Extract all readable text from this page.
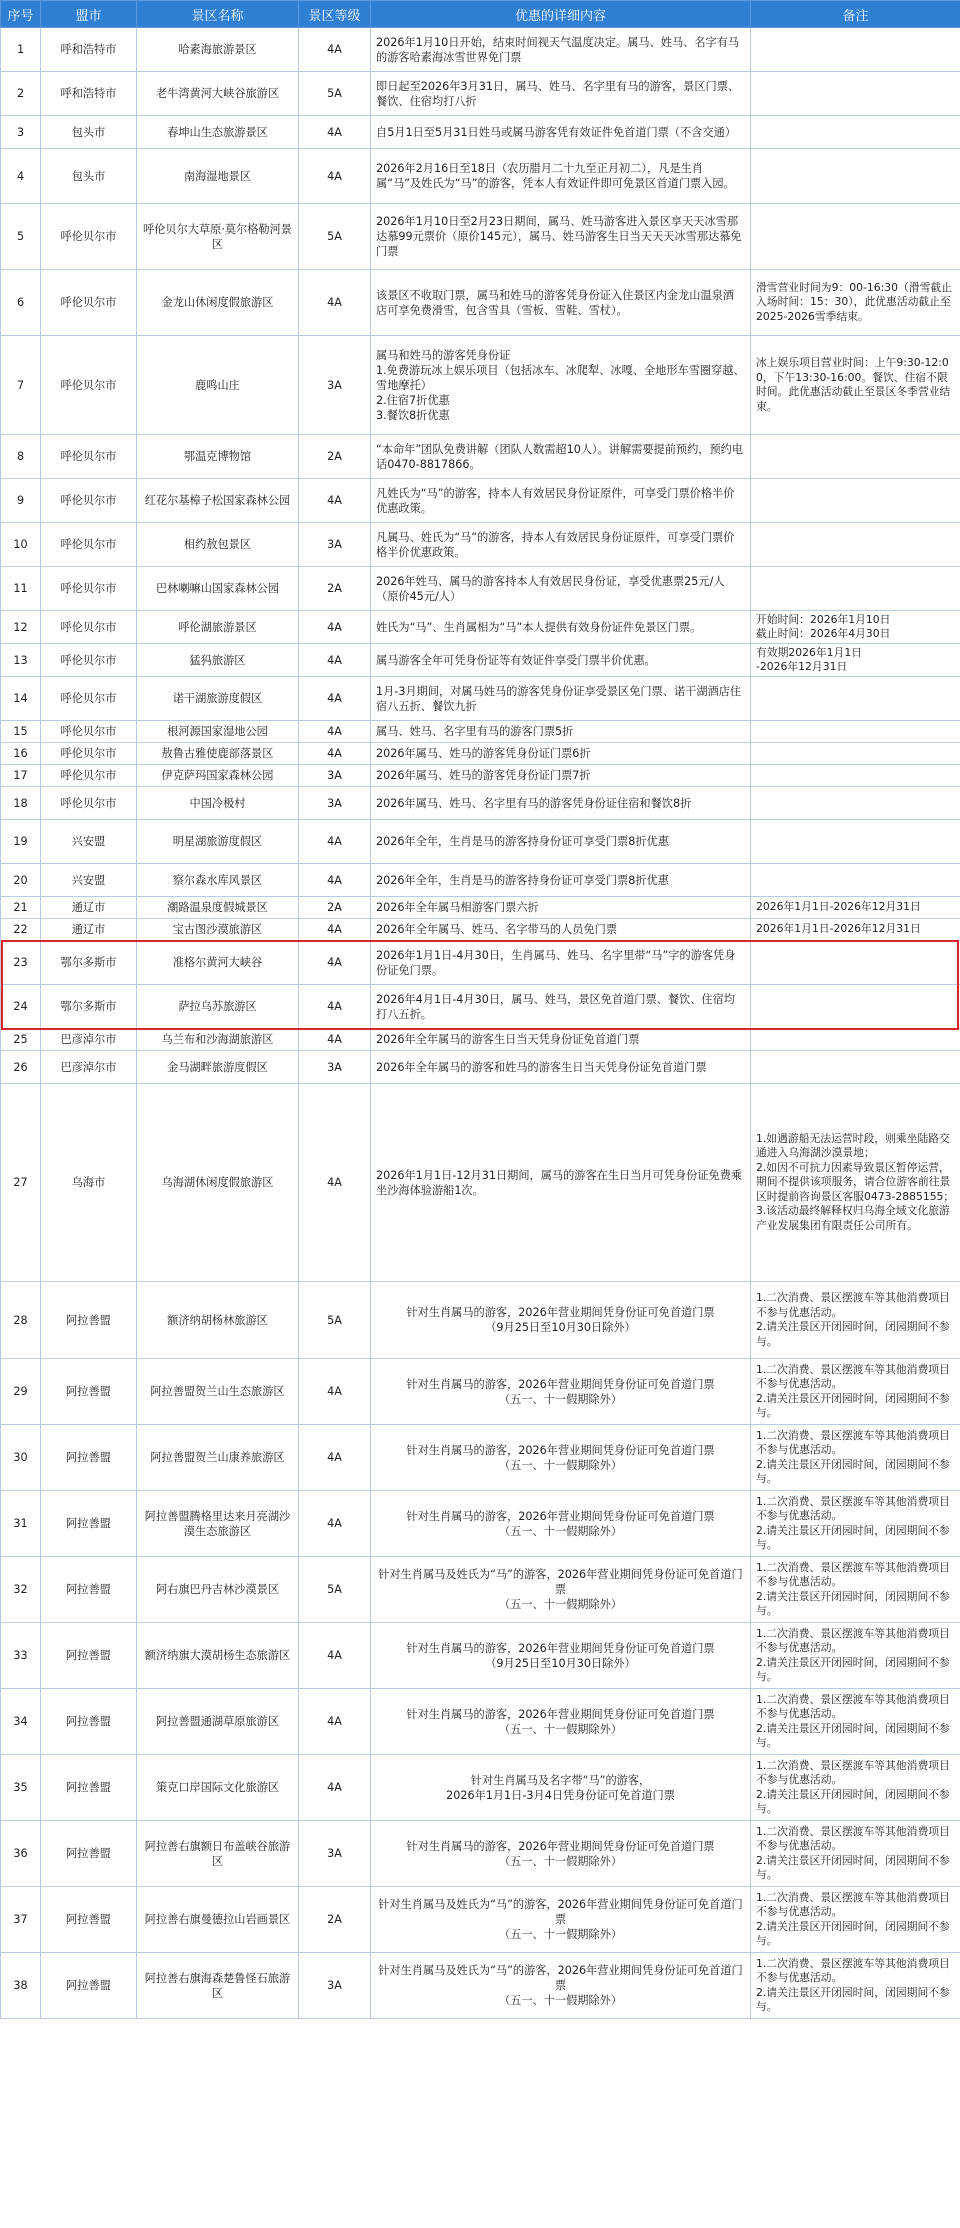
序号	盟市	景区名称	景区等级	优惠的详细内容	备注
1	呼和浩特市	哈素海旅游景区	4A	2026年1月10日开始，结束时间视天气温度决定。属马、姓马、名字有马的游客哈素海冰雪世界免门票	
2	呼和浩特市	老牛湾黄河大峡谷旅游区	5A	即日起至2026年3月31日，属马、姓马、名字里有马的游客，景区门票、餐饮、住宿均打八折	
3	包头市	春坤山生态旅游景区	4A	自5月1日至5月31日姓马或属马游客凭有效证件免首道门票（不含交通）	
4	包头市	南海湿地景区	4A	2026年2月16日至18日（农历腊月二十九至正月初二），凡是生肖属“马”及姓氏为“马”的游客，凭本人有效证件即可免景区首道门票入园。	
5	呼伦贝尔市	呼伦贝尔大草原·莫尔格勒河景区	5A	2026年1月10日至2月23日期间，属马、姓马游客进入景区享天天冰雪那达慕99元票价（原价145元），属马、姓马游客生日当天天天冰雪那达慕免门票	
6	呼伦贝尔市	金龙山休闲度假旅游区	4A	该景区不收取门票，属马和姓马的游客凭身份证入住景区内金龙山温泉酒店可享免费滑雪，包含雪具（雪板、雪鞋、雪杖）。	滑雪营业时间为9：00-16:30（滑雪截止入场时间：15：30），此优惠活动截止至2025-2026雪季结束。
7	呼伦贝尔市	鹿鸣山庄	3A	属马和姓马的游客凭身份证
1.免费游玩冰上娱乐项目（包括冰车、冰爬犁、冰嘎、全地形车雪圈穿越、雪地摩托）
2.住宿7折优惠
3.餐饮8折优惠	冰上娱乐项目营业时间：上午9:30-12:00，下午13:30-16:00。餐饮、住宿不限时间。此优惠活动截止至景区冬季营业结束。
8	呼伦贝尔市	鄂温克博物馆	2A	“本命年”团队免费讲解（团队人数需超10人）。讲解需要提前预约，预约电话0470-8817866。	
9	呼伦贝尔市	红花尔基樟子松国家森林公园	4A	凡姓氏为“马”的游客，持本人有效居民身份证原件，可享受门票价格半价优惠政策。	
10	呼伦贝尔市	相约敖包景区	3A	凡属马、姓氏为“马”的游客，持本人有效居民身份证原件，可享受门票价格半价优惠政策。	
11	呼伦贝尔市	巴林喇嘛山国家森林公园	2A	2026年姓马、属马的游客持本人有效居民身份证，享受优惠票25元/人（原价45元/人）	
12	呼伦贝尔市	呼伦湖旅游景区	4A	姓氏为“马”、生肖属相为“马”本人提供有效身份证件免景区门票。	开始时间：2026年1月10日
截止时间：2026年4月30日
13	呼伦贝尔市	猛犸旅游区	4A	属马游客全年可凭身份证等有效证件享受门票半价优惠。	有效期2026年1月1日
-2026年12月31日
14	呼伦贝尔市	诺干湖旅游度假区	4A	1月-3月期间，对属马姓马的游客凭身份证享受景区免门票、诺干湖酒店住宿八五折、餐饮九折	
15	呼伦贝尔市	根河源国家湿地公园	4A	属马、姓马、名字里有马的游客门票5折	
16	呼伦贝尔市	敖鲁古雅使鹿部落景区	4A	2026年属马、姓马的游客凭身份证门票6折	
17	呼伦贝尔市	伊克萨玛国家森林公园	3A	2026年属马、姓马的游客凭身份证门票7折	
18	呼伦贝尔市	中国冷极村	3A	2026年属马、姓马、名字里有马的游客凭身份证住宿和餐饮8折	
19	兴安盟	明星湖旅游度假区	4A	2026年全年，生肖是马的游客持身份证可享受门票8折优惠	
20	兴安盟	察尔森水库风景区	4A	2026年全年，生肖是马的游客持身份证可享受门票8折优惠	
21	通辽市	潮路温泉度假城景区	2A	2026年全年属马相游客门票六折	2026年1月1日-2026年12月31日
22	通辽市	宝古图沙漠旅游区	4A	2026年全年属马、姓马、名字带马的人员免门票	2026年1月1日-2026年12月31日
23	鄂尔多斯市	准格尔黄河大峡谷	4A	2026年1月1日-4月30日，生肖属马、姓马、名字里带“马”字的游客凭身份证免门票。	
24	鄂尔多斯市	萨拉乌苏旅游区	4A	2026年4月1日-4月30日，属马、姓马，景区免首道门票、餐饮、住宿均打八五折。	
25	巴彦淖尔市	乌兰布和沙海湖旅游区	4A	2026年全年属马的游客生日当天凭身份证免首道门票	
26	巴彦淖尔市	金马湖畔旅游度假区	3A	2026年全年属马的游客和姓马的游客生日当天凭身份证免首道门票	
27	乌海市	乌海湖休闲度假旅游区	4A	2026年1月1日-12月31日期间，属马的游客在生日当月可凭身份证免费乘坐沙海体验游船1次。	1.如遇游船无法运营时段，则乘坐陆路交通进入乌海湖沙漠景地；
2.如因不可抗力因素导致景区暂停运营，期间不提供该项服务，请合位游客前往景区时提前咨询景区客服0473-2885155；
3.该活动最终解释权归乌海全域文化旅游产业发展集团有限责任公司所有。
28	阿拉善盟	额济纳胡杨林旅游区	5A	针对生肖属马的游客，2026年营业期间凭身份证可免首道门票
（9月25日至10月30日除外）	1.二次消费、景区摆渡车等其他消费项目不参与优惠活动。
2.请关注景区开闭园时间，闭园期间不参与。
29	阿拉善盟	阿拉善盟贺兰山生态旅游区	4A	针对生肖属马的游客，2026年营业期间凭身份证可免首道门票
（五一、十一假期除外）	1.二次消费、景区摆渡车等其他消费项目不参与优惠活动。
2.请关注景区开闭园时间，闭园期间不参与。
30	阿拉善盟	阿拉善盟贺兰山康养旅游区	4A	针对生肖属马的游客，2026年营业期间凭身份证可免首道门票
（五一、十一假期除外）	1.二次消费、景区摆渡车等其他消费项目不参与优惠活动。
2.请关注景区开闭园时间，闭园期间不参与。
31	阿拉善盟	阿拉善盟腾格里达来月亮湖沙漠生态旅游区	4A	针对生肖属马的游客，2026年营业期间凭身份证可免首道门票
（五一、十一假期除外）	1.二次消费、景区摆渡车等其他消费项目不参与优惠活动。
2.请关注景区开闭园时间，闭园期间不参与。
32	阿拉善盟	阿右旗巴丹吉林沙漠景区	5A	针对生肖属马及姓氏为“马”的游客，2026年营业期间凭身份证可免首道门票
（五一、十一假期除外）	1.二次消费、景区摆渡车等其他消费项目不参与优惠活动。
2.请关注景区开闭园时间，闭园期间不参与。
33	阿拉善盟	额济纳旗大漠胡杨生态旅游区	4A	针对生肖属马的游客，2026年营业期间凭身份证可免首道门票
（9月25日至10月30日除外）	1.二次消费、景区摆渡车等其他消费项目不参与优惠活动。
2.请关注景区开闭园时间，闭园期间不参与。
34	阿拉善盟	阿拉善盟通湖草原旅游区	4A	针对生肖属马的游客，2026年营业期间凭身份证可免首道门票
（五一、十一假期除外）	1.二次消费、景区摆渡车等其他消费项目不参与优惠活动。
2.请关注景区开闭园时间，闭园期间不参与。
35	阿拉善盟	策克口岸国际文化旅游区	4A	针对生肖属马及名字带“马”的游客，
2026年1月1日-3月4日凭身份证可免首道门票	1.二次消费、景区摆渡车等其他消费项目不参与优惠活动。
2.请关注景区开闭园时间，闭园期间不参与。
36	阿拉善盟	阿拉善右旗额日布盖峡谷旅游区	3A	针对生肖属马的游客，2026年营业期间凭身份证可免首道门票
（五一、十一假期除外）	1.二次消费、景区摆渡车等其他消费项目不参与优惠活动。
2.请关注景区开闭园时间，闭园期间不参与。
37	阿拉善盟	阿拉善右旗曼德拉山岩画景区	2A	针对生肖属马及姓氏为“马”的游客，2026年营业期间凭身份证可免首道门票
（五一、十一假期除外）	1.二次消费、景区摆渡车等其他消费项目不参与优惠活动。
2.请关注景区开闭园时间，闭园期间不参与。
38	阿拉善盟	阿拉善右旗海森楚鲁怪石旅游区	3A	针对生肖属马及姓氏为“马”的游客，2026年营业期间凭身份证可免首道门票
（五一、十一假期除外）	1.二次消费、景区摆渡车等其他消费项目不参与优惠活动。
2.请关注景区开闭园时间，闭园期间不参与。
